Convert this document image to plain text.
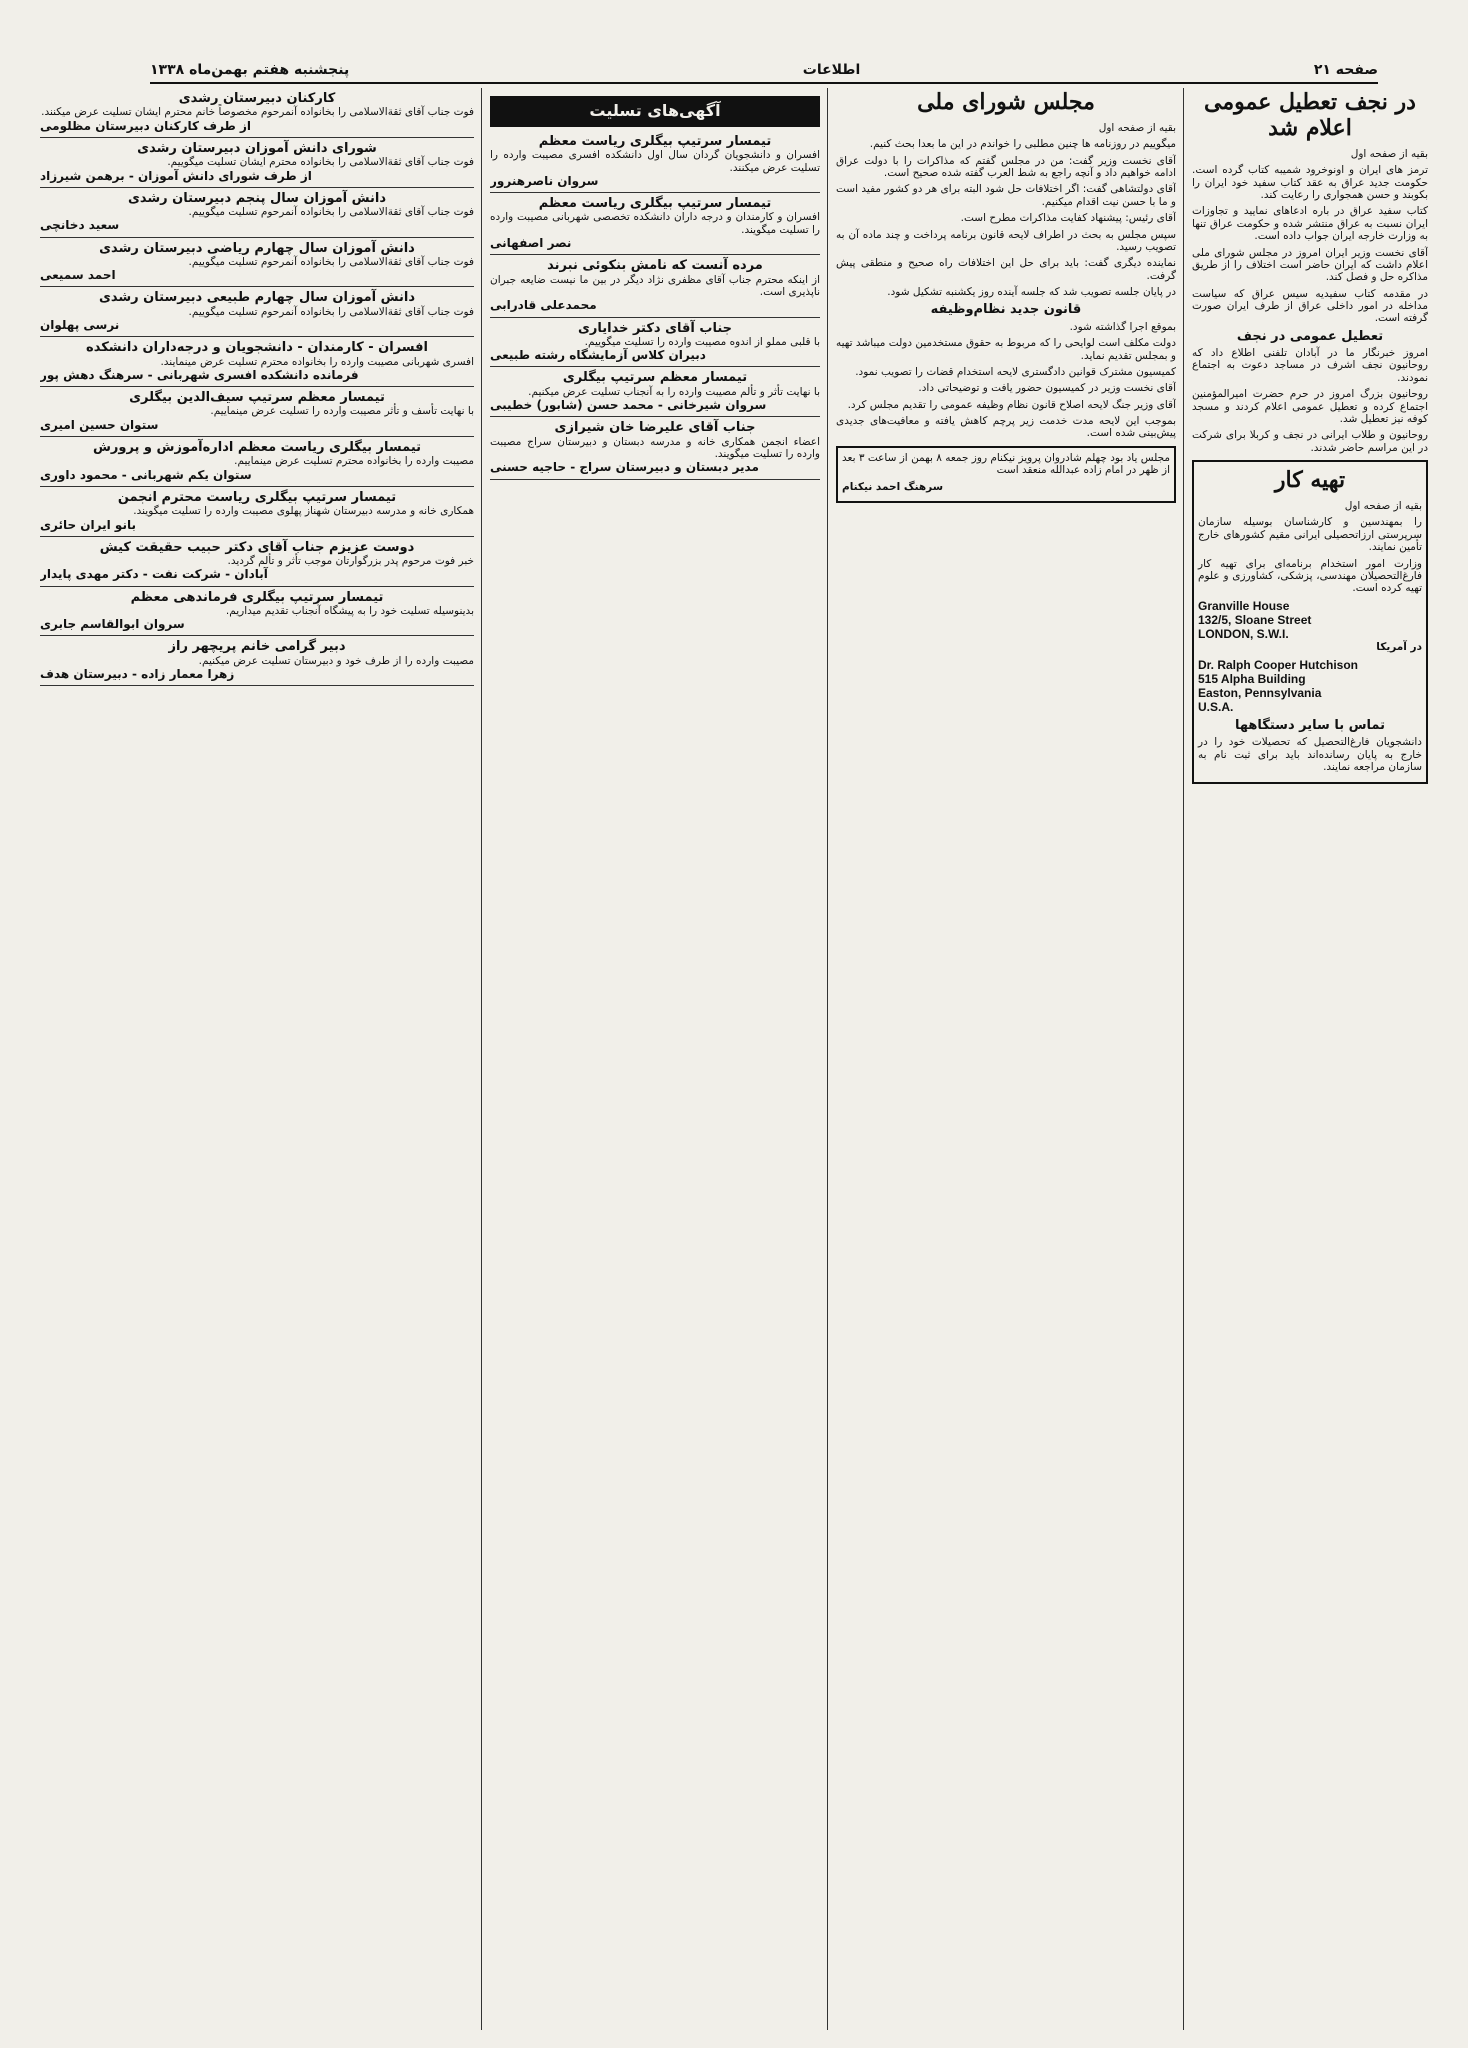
صفحه ۲۱
اطلاعات
پنجشنبه هفتم بهمن‌ماه ۱۳۳۸
در نجف تعطیل عمومی اعلام شد

بقیه از صفحه اول

ترمز های ایران و اونوخرود شمیبه کتاب گرده است. حکومت جدید عراق به عقد کتاب سفید خود ایران را بکوبند و حسن همجواری را رعایت کند.

کتاب سفید عراق در باره ادعاهای نمایید و تجاوزات ایران نسبت به عراق منتشر شده و حکومت عراق تنها به وزارت خارجه ایران جواب داده است.

آقای نخست وزیر ایران امروز در مجلس شورای ملی اعلام داشت که ایران حاضر است اختلاف را از طریق مذاکره حل و فصل کند.

در مقدمه کتاب سفیدیه سیس عراق که سیاست مداخله در امور داخلی عراق از طرف ایران صورت گرفته است.

تعطیل عمومی در نجف

امروز خبرنگار ما در آبادان تلفنی اطلاع داد که روحانیون نجف اشرف در مساجد دعوت به اجتماع نمودند.

روحانیون بزرگ امروز در حرم حضرت امیرالمؤمنین اجتماع کرده و تعطیل عمومی اعلام کردند و مسجد کوفه نیز تعطیل شد.

روحانیون و طلاب ایرانی در نجف و کربلا برای شرکت در این مراسم حاضر شدند.

تهیه کار

بقیه از صفحه اول

را بمهندسین و کارشناسان بوسیله سازمان سرپرستی ارزاتحصیلی ایرانی مقیم کشورهای خارج تأمین نمایند.

وزارت امور استخدام برنامه‌ای برای تهیه کار فارغ‌التحصیلان مهندسی، پزشکی، کشاورزی و علوم تهیه کرده است.

Granville House
132/5, Sloane Street
LONDON, S.W.I.

در آمریکا

Dr. Ralph Cooper Hutchison
515 Alpha Building
Easton, Pennsylvania
U.S.A.
تماس با سایر دستگاهها

دانشجویان فارغ‌التحصیل که تحصیلات خود را در خارج به پایان رسانده‌اند باید برای ثبت نام به سازمان مراجعه نمایند.

مجلس شورای ملی

بقیه از صفحه اول

میگوییم در روزنامه ها چنین مطلبی را خواندم در این ما بعدا بحث کنیم.

آقای نخست وزیر گفت: من در مجلس گفتم که مذاکرات را با دولت عراق ادامه خواهیم داد و آنچه راجع به شط العرب گفته شده صحیح است.

آقای دولتشاهی گفت: اگر اختلافات حل شود البته برای هر دو کشور مفید است و ما با حسن نیت اقدام میکنیم.

آقای رئیس: پیشنهاد کفایت مذاکرات مطرح است.

سپس مجلس به بحث در اطراف لایحه قانون برنامه پرداخت و چند ماده آن به تصویب رسید.

نماینده دیگری گفت: باید برای حل این اختلافات راه صحیح و منطقی پیش گرفت.

در پایان جلسه تصویب شد که جلسه آینده روز یکشنبه تشکیل شود.

قانون جدید نظام‌وظیفه

بموقع اجرا گذاشته شود.

دولت مکلف است لوایحی را که مربوط به حقوق مستخدمین دولت میباشد تهیه و بمجلس تقدیم نماید.

کمیسیون مشترک قوانین دادگستری لایحه استخدام قضات را تصویب نمود.

آقای نخست وزیر در کمیسیون حضور یافت و توضیحاتی داد.

آقای وزیر جنگ لایحه اصلاح قانون نظام وظیفه عمومی را تقدیم مجلس کرد.

بموجب این لایحه مدت خدمت زیر پرچم کاهش یافته و معافیت‌های جدیدی پیش‌بینی شده است.

مجلس یاد بود چهلم شادروان پرویز نیکنام روز جمعه ۸ بهمن از ساعت ۳ بعد از ظهر در امام زاده عبدالله منعقد است

سرهنگ احمد نیکنام

آگهی‌های تسلیت
تیمسار سرتیپ بیگلری ریاست معظم
افسران و دانشجویان گردان سال اول دانشکده افسری مصیبت وارده را تسلیت عرض میکنند.
سروان ناصرهنرور
تیمسار سرتیپ بیگلری ریاست معظم
افسران و کارمندان و درجه داران دانشکده تخصصی شهربانی مصیبت وارده را تسلیت میگویند.
نصر اصفهانی
مرده آنست که نامش بنکوئی نبرند
از اینکه محترم جناب آقای مظفری نژاد دیگر در بین ما نیست ضایعه جبران ناپذیری است.
محمدعلی قادرابی
جناب آقای دکتر خدایاری
با قلبی مملو از اندوه مصیبت وارده را تسلیت میگوییم.
دبیران کلاس آزمایشگاه رشته طبیعی
تیمسار معظم سرتیپ بیگلری
با نهایت تأثر و تألم مصیبت وارده را به آنجناب تسلیت عرض میکنیم.
سروان شیرخانی - محمد حسن (شابور) خطیبی
جناب آقای علیرضا خان شیرازی
اعضاء انجمن همکاری خانه و مدرسه دبستان و دبیرستان سراج مصیبت وارده را تسلیت میگویند.
مدیر دبستان و دبیرستان سراج - حاجیه حسنی
کارکنان دبیرستان رشدی
فوت جناب آقای ثقة‌الاسلامی را بخانواده آنمرحوم مخصوصاً خانم محترم ایشان تسلیت عرض میکنند.
از طرف کارکنان دبیرستان مظلومی
شورای دانش آموزان دبیرستان رشدی
فوت جناب آقای ثقة‌الاسلامی را بخانواده محترم ایشان تسلیت میگوییم.
از طرف شورای دانش آموزان - برهمن شیرزاد
دانش آموزان سال پنجم دبیرستان رشدی
فوت جناب آقای ثقة‌الاسلامی را بخانواده آنمرحوم تسلیت میگوییم.
سعید دخانچی
دانش آموزان سال چهارم ریاضی دبیرستان رشدی
فوت جناب آقای ثقة‌الاسلامی را بخانواده آنمرحوم تسلیت میگوییم.
احمد سمیعی
دانش آموزان سال چهارم طبیعی دبیرستان رشدی
فوت جناب آقای ثقة‌الاسلامی را بخانواده آنمرحوم تسلیت میگوییم.
نرسی پهلوان
افسران - کارمندان - دانشجویان و درجه‌داران دانشکده
افسری شهربانی مصیبت وارده را بخانواده محترم تسلیت عرض مینمایند.
فرمانده دانشکده افسری شهربانی - سرهنگ دهش پور
تیمسار معظم سرتیپ سیف‌الدین بیگلری
با نهایت تأسف و تأثر مصیبت وارده را تسلیت عرض مینماییم.
ستوان حسین امیری
تیمسار بیگلری ریاست معظم اداره‌آموزش و پرورش
مصیبت وارده را بخانواده محترم تسلیت عرض مینماییم.
ستوان یکم شهربانی - محمود داوری
تیمسار سرتیپ بیگلری ریاست محترم انجمن
همکاری خانه و مدرسه دبیرستان شهناز پهلوی مصیبت وارده را تسلیت میگویند.
بانو ایران حائری
دوست عزیزم جناب آقای دکتر حبیب حقیقت کیش
خبر فوت مرحوم پدر بزرگوارتان موجب تأثر و تألم گردید.
آبادان - شرکت نفت - دکتر مهدی پایدار
تیمسار سرتیپ بیگلری فرماندهی معظم
بدینوسیله تسلیت خود را به پیشگاه آنجناب تقدیم میداریم.
سروان ابوالقاسم جابری
دبیر گرامی خانم پریچهر راز
مصیبت وارده را از طرف خود و دبیرستان تسلیت عرض میکنیم.
زهرا معمار زاده - دبیرستان هدف
